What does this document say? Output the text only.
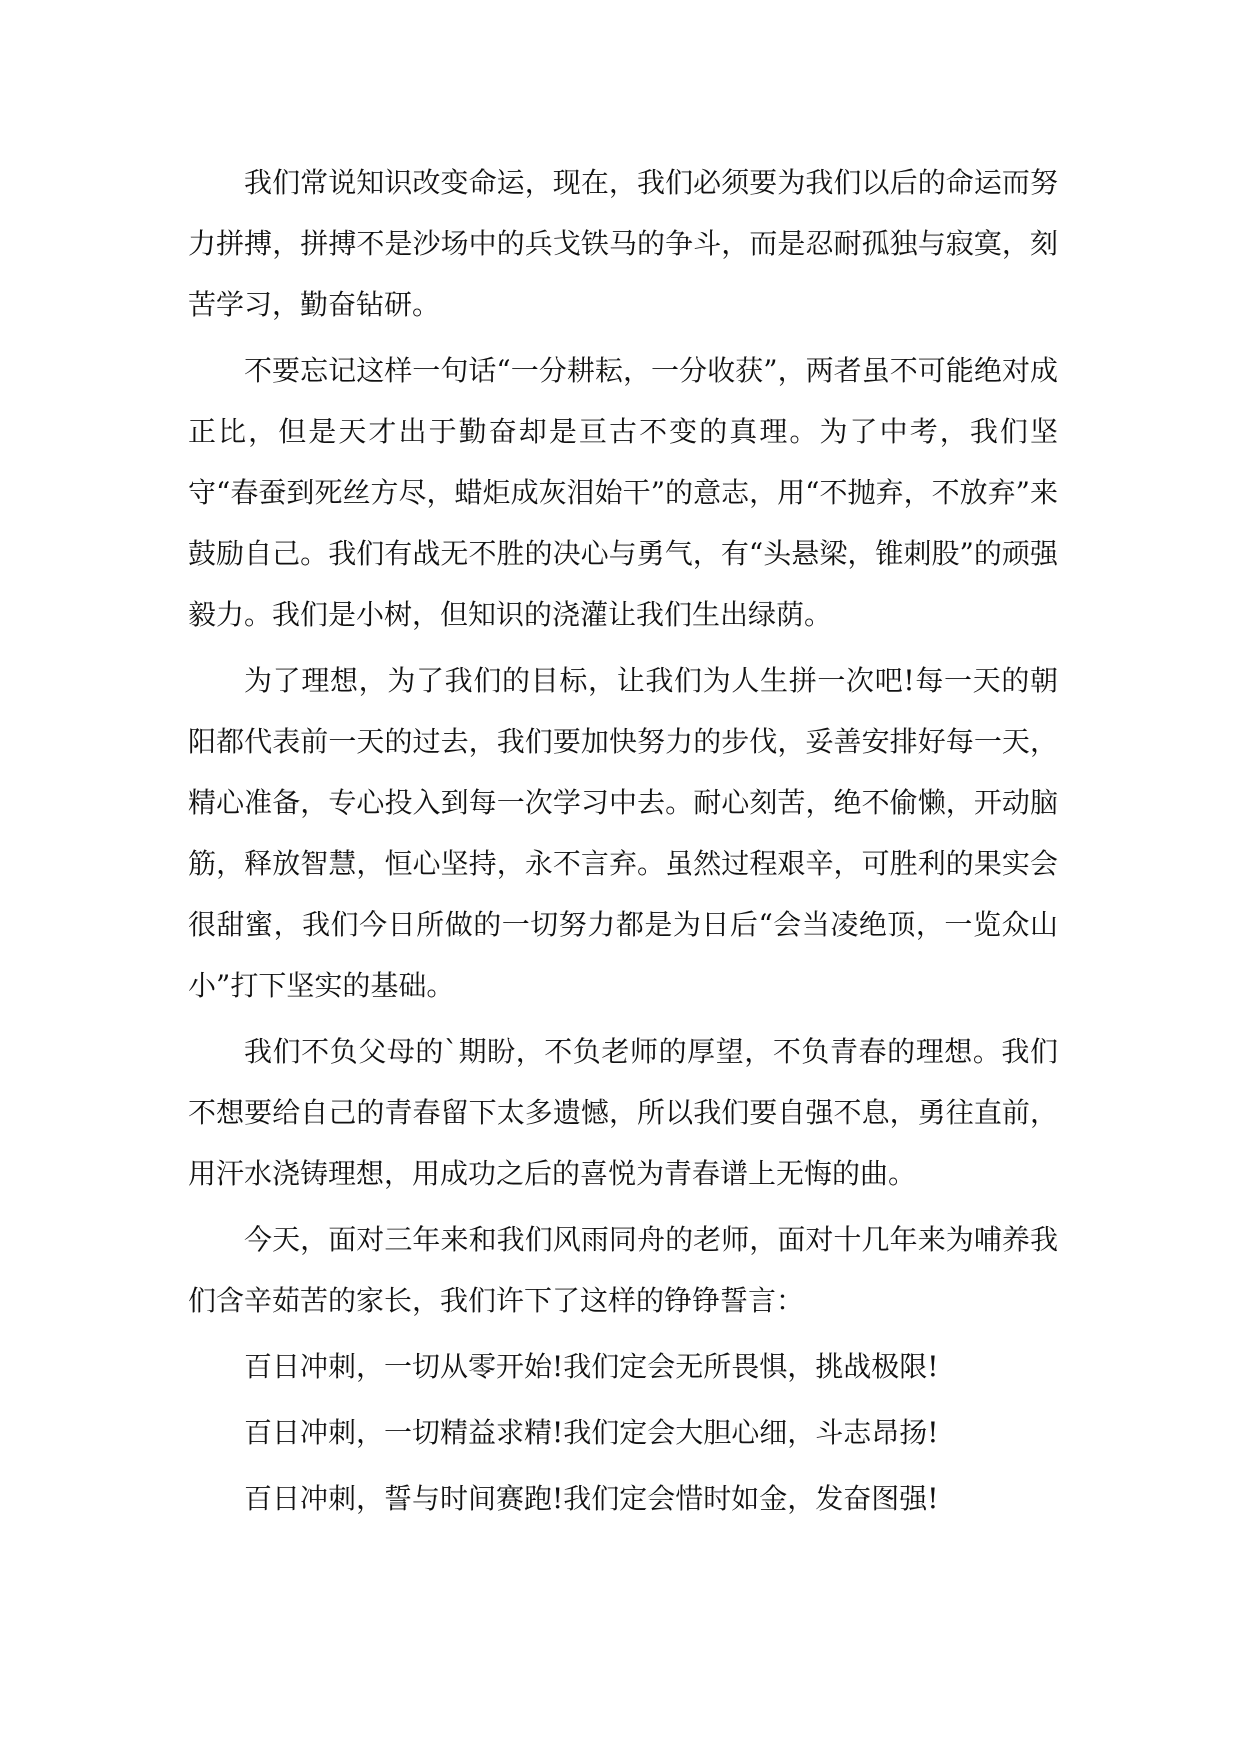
我们常说知识改变命运，现在，我们必须要为我们以后的命运而努力拼搏，拼搏不是沙场中的兵戈铁马的争斗，而是忍耐孤独与寂寞，刻苦学习，勤奋钻研。

不要忘记这样一句话“一分耕耘，一分收获”，两者虽不可能绝对成正比，但是天才出于勤奋却是亘古不变的真理。为了中考，我们坚守“春蚕到死丝方尽，蜡炬成灰泪始干”的意志，用“不抛弃，不放弃”来鼓励自己。我们有战无不胜的决心与勇气，有“头悬梁，锥刺股”的顽强毅力。我们是小树，但知识的浇灌让我们生出绿荫。

为了理想，为了我们的目标，让我们为人生拼一次吧!每一天的朝阳都代表前一天的过去，我们要加快努力的步伐，妥善安排好每一天，精心准备，专心投入到每一次学习中去。耐心刻苦，绝不偷懒，开动脑筋，释放智慧，恒心坚持，永不言弃。虽然过程艰辛，可胜利的果实会很甜蜜，我们今日所做的一切努力都是为日后“会当凌绝顶，一览众山小”打下坚实的基础。

我们不负父母的`期盼，不负老师的厚望，不负青春的理想。我们不想要给自己的青春留下太多遗憾，所以我们要自强不息，勇往直前，用汗水浇铸理想，用成功之后的喜悦为青春谱上无悔的曲。

今天，面对三年来和我们风雨同舟的老师，面对十几年来为哺养我们含辛茹苦的家长，我们许下了这样的铮铮誓言：

百日冲刺，一切从零开始!我们定会无所畏惧，挑战极限!

百日冲刺，一切精益求精!我们定会大胆心细，斗志昂扬!

百日冲刺，誓与时间赛跑!我们定会惜时如金，发奋图强!
